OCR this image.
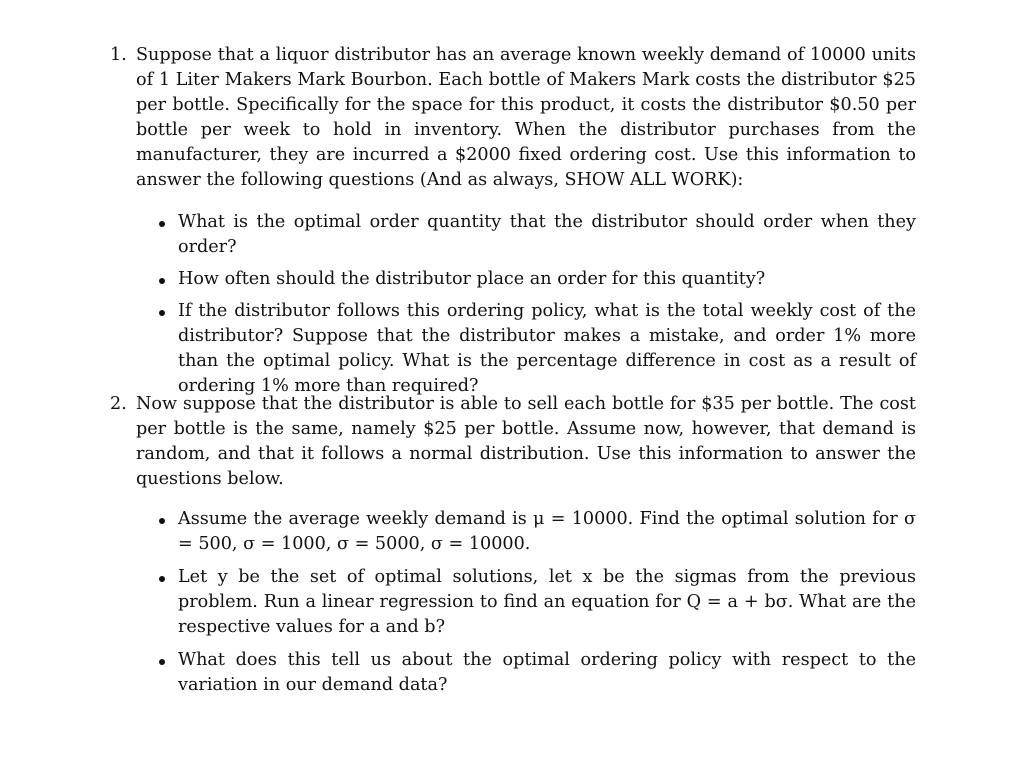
1. Suppose that a liquor distributor has an average known weekly demand of 10000 units of 1 Liter Makers Mark Bourbon. Each bottle of Makers Mark costs the distributor $25 per bottle. Specifically for the space for this product, it costs the distributor $0.50 per bottle per week to hold in inventory. When the distributor purchases from the manufacturer, they are incurred a $2000 fixed ordering cost. Use this information to answer the following questions (And as always, SHOW ALL WORK):
What is the optimal order quantity that the distributor should order when they order?
How often should the distributor place an order for this quantity?
If the distributor follows this ordering policy, what is the total weekly cost of the distributor? Suppose that the distributor makes a mistake, and order 1% more than the optimal policy. What is the percentage difference in cost as a result of ordering 1% more than required?
2. Now suppose that the distributor is able to sell each bottle for $35 per bottle. The cost per bottle is the same, namely $25 per bottle. Assume now, however, that demand is random, and that it follows a normal distribution. Use this information to answer the questions below.
Assume the average weekly demand is μ = 10000. Find the optimal solution for σ = 500, σ = 1000, σ = 5000, σ = 10000.
Let y be the set of optimal solutions, let x be the sigmas from the previous problem. Run a linear regression to find an equation for Q = a + bσ. What are the respective values for a and b?
What does this tell us about the optimal ordering policy with respect to the variation in our demand data?
